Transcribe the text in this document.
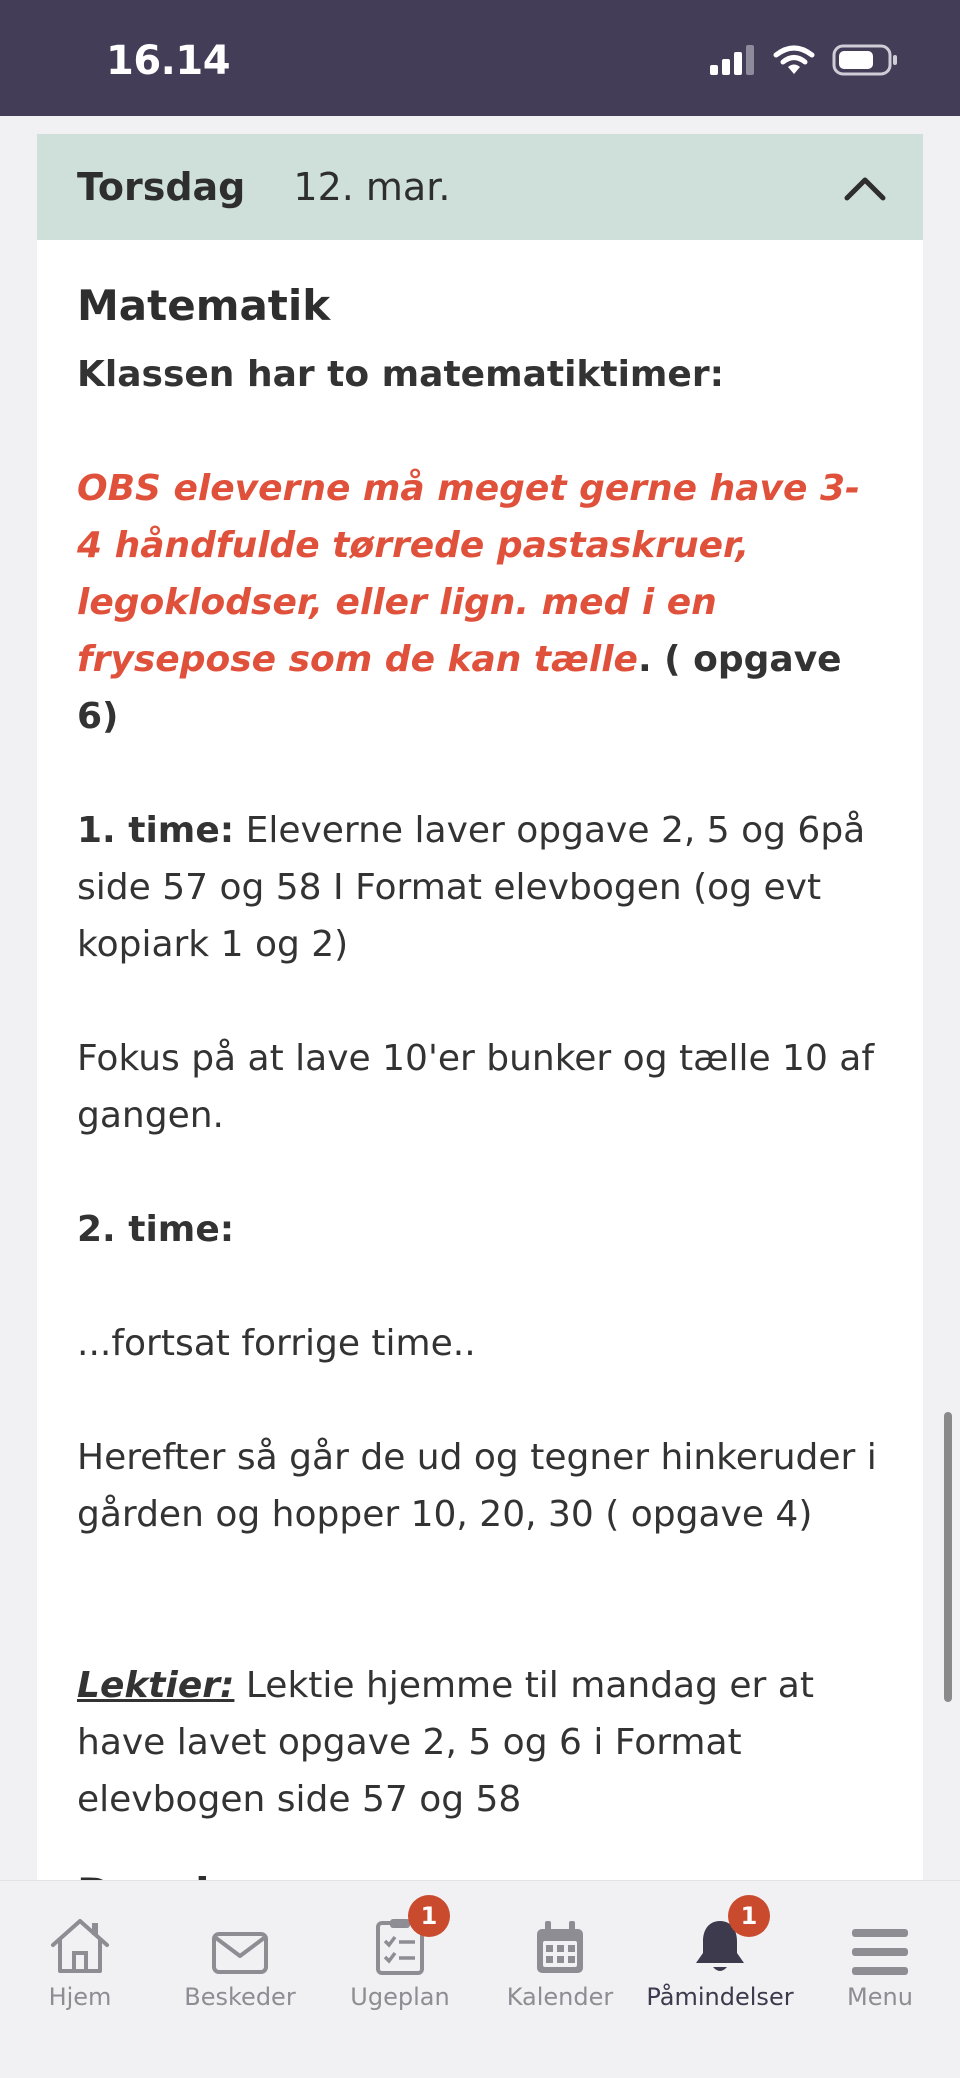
16.14
Torsdag 12. mar.
Matematik
Klassen har to matematiktimer:
OBS eleverne må meget gerne have 3- 4 håndfulde tørrede pastaskruer, legoklodser, eller lign. med i en frysepose som de kan tælle. ( opgave 6)
1. time: Eleverne laver opgave 2, 5 og 6på side 57 og 58 I Format elevbogen (og evt kopiark 1 og 2)
Fokus på at lave 10'er bunker og tælle 10 af gangen.
2. time:
...fortsat forrige time..
Herefter så går de ud og tegner hinkeruder i gården og hopper 10, 20, 30 ( opgave 4)
Lektier: Lektie hjemme til mandag er at have lavet opgave 2, 5 og 6 i Format elevbogen side 57 og 58
Hjem	Beskeder
1
Ugeplan	Kalender
1
Påmindelser	Menu
